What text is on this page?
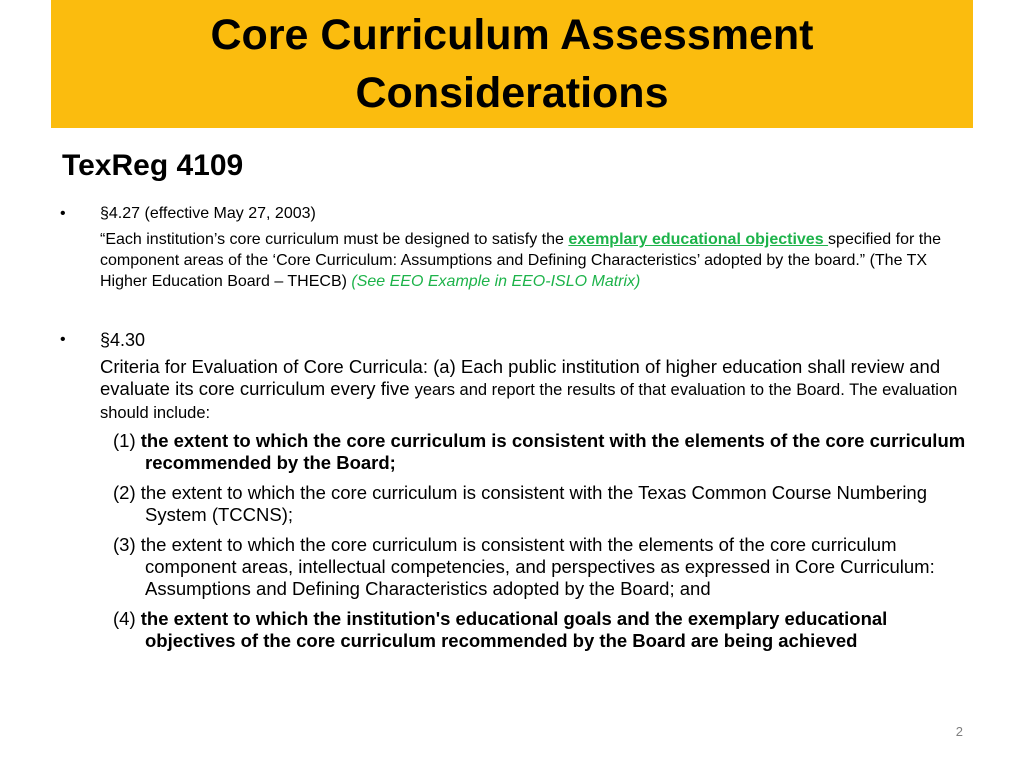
Core Curriculum Assessment Considerations
TexReg 4109
• §4.27 (effective May 27, 2003)
“Each institution’s core curriculum must be designed to satisfy the exemplary educational objectives specified for the component areas of the ‘Core Curriculum: Assumptions and Defining Characteristics’ adopted by the board.” (The TX Higher Education Board – THECB) (See EEO Example in EEO-ISLO Matrix)
• §4.30
Criteria for Evaluation of Core Curricula: (a) Each public institution of higher education shall review and evaluate its core curriculum every five years and report the results of that evaluation to the Board. The evaluation should include:
(1) the extent to which the core curriculum is consistent with the elements of the core curriculum recommended by the Board;
(2) the extent to which the core curriculum is consistent with the Texas Common Course Numbering System (TCCNS);
(3) the extent to which the core curriculum is consistent with the elements of the core curriculum component areas, intellectual competencies, and perspectives as expressed in Core Curriculum: Assumptions and Defining Characteristics adopted by the Board; and
(4) the extent to which the institution's educational goals and the exemplary educational objectives of the core curriculum recommended by the Board are being achieved
2
